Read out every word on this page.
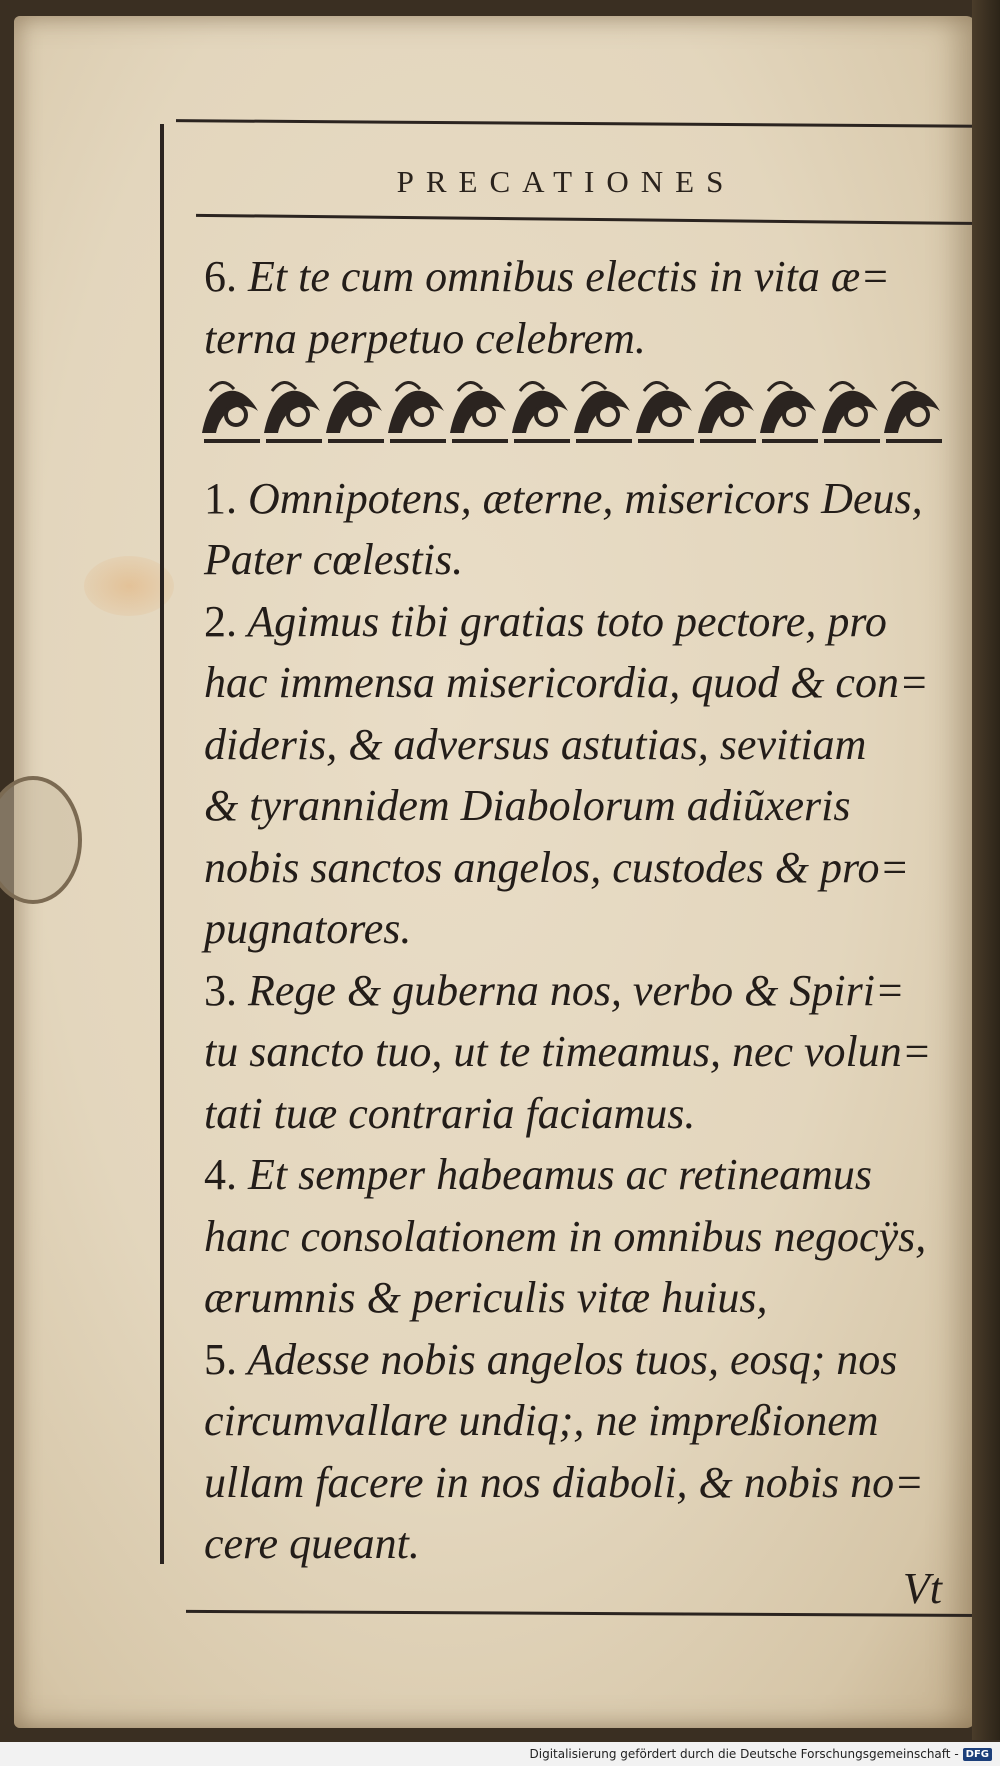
PRECATIONES
6. Et te cum omnibus electis in vita æ=
terna perpetuo celebrem.
1. Omnipotens, æterne, misericors Deus,
Pater cœlestis.
2. Agimus tibi gratias toto pectore, pro
hac immensa misericordia, quod & con=
dideris, & adversus astutias, sevitiam
& tyrannidem Diabolorum adiũxeris
nobis sanctos angelos, custodes & pro=
pugnatores.
3. Rege & guberna nos, verbo & Spiri=
tu sancto tuo, ut te timeamus, nec volun=
tati tuæ contraria faciamus.
4. Et semper habeamus ac retineamus
hanc consolationem in omnibus negocÿs,
ærumnis & periculis vitæ huius,
5. Adesse nobis angelos tuos, eosq; nos
circumvallare undiq;, ne impreßionem
ullam facere in nos diaboli, & nobis no=
cere queant.
Vt
Digitalisierung gefördert durch die Deutsche Forschungsgemeinschaft - DFG
